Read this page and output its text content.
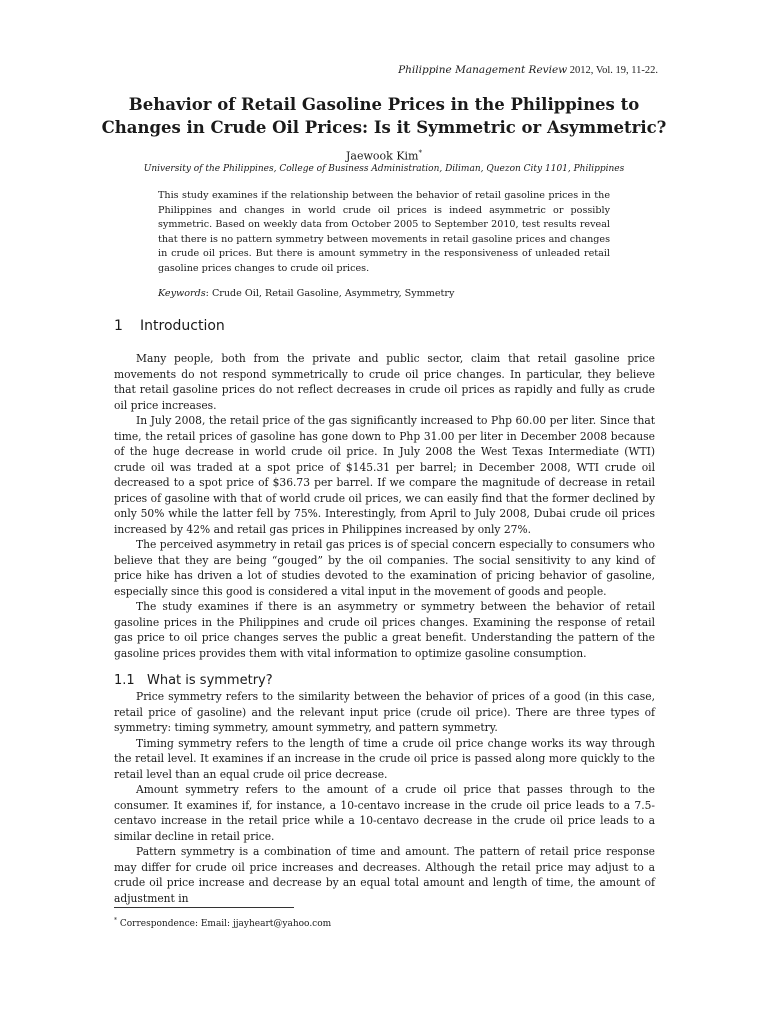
Philippine Management Review 2012, Vol. 19, 11-22.
Behavior of Retail Gasoline Prices in the Philippines to Changes in Crude Oil Prices: Is it Symmetric or Asymmetric?
Jaewook Kim*
University of the Philippines, College of Business Administration, Diliman, Quezon City 1101, Philippines
This study examines if the relationship between the behavior of retail gasoline prices in the Philippines and changes in world crude oil prices is indeed asymmetric or possibly symmetric. Based on weekly data from October 2005 to September 2010, test results reveal that there is no pattern symmetry between movements in retail gasoline prices and changes in crude oil prices. But there is amount symmetry in the responsiveness of unleaded retail gasoline prices changes to crude oil prices.
Keywords: Crude Oil, Retail Gasoline, Asymmetry, Symmetry
1 Introduction

Many people, both from the private and public sector, claim that retail gasoline price movements do not respond symmetrically to crude oil price changes. In particular, they believe that retail gasoline prices do not reflect decreases in crude oil prices as rapidly and fully as crude oil price increases.

In July 2008, the retail price of the gas significantly increased to Php 60.00 per liter. Since that time, the retail prices of gasoline has gone down to Php 31.00 per liter in December 2008 because of the huge decrease in world crude oil price. In July 2008 the West Texas Intermediate (WTI) crude oil was traded at a spot price of $145.31 per barrel; in December 2008, WTI crude oil decreased to a spot price of $36.73 per barrel. If we compare the magnitude of decrease in retail prices of gasoline with that of world crude oil prices, we can easily find that the former declined by only 50% while the latter fell by 75%. Interestingly, from April to July 2008, Dubai crude oil prices increased by 42% and retail gas prices in Philippines increased by only 27%.

The perceived asymmetry in retail gas prices is of special concern especially to consumers who believe that they are being “gouged” by the oil companies. The social sensitivity to any kind of price hike has driven a lot of studies devoted to the examination of pricing behavior of gasoline, especially since this good is considered a vital input in the movement of goods and people.

The study examines if there is an asymmetry or symmetry between the behavior of retail gasoline prices in the Philippines and crude oil prices changes. Examining the response of retail gas price to oil price changes serves the public a great benefit. Understanding the pattern of the gasoline prices provides them with vital information to optimize gasoline consumption.

1.1 What is symmetry?

Price symmetry refers to the similarity between the behavior of prices of a good (in this case, retail price of gasoline) and the relevant input price (crude oil price). There are three types of symmetry: timing symmetry, amount symmetry, and pattern symmetry.

Timing symmetry refers to the length of time a crude oil price change works its way through the retail level. It examines if an increase in the crude oil price is passed along more quickly to the retail level than an equal crude oil price decrease.

Amount symmetry refers to the amount of a crude oil price that passes through to the consumer. It examines if, for instance, a 10-centavo increase in the crude oil price leads to a 7.5-centavo increase in the retail price while a 10-centavo decrease in the crude oil price leads to a similar decline in retail price.

Pattern symmetry is a combination of time and amount. The pattern of retail price response may differ for crude oil price increases and decreases. Although the retail price may adjust to a crude oil price increase and decrease by an equal total amount and length of time, the amount of adjustment in

* Correspondence: Email: jjayheart@yahoo.com
